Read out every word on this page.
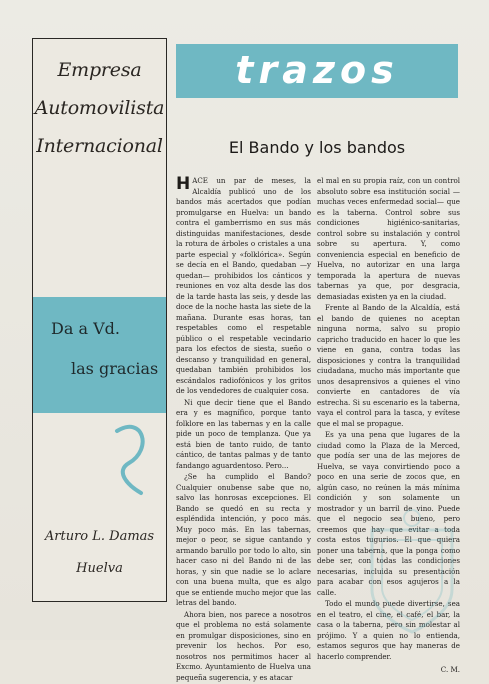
Empresa
Automovilista
Internacional
Da a Vd.
las gracias
Arturo L. Damas
Huelva
trazos
El Bando y los bandos

HACE un par de meses, la Alcaldía publicó uno de los bandos más acertados que podían promulgarse en Huelva: un bando contra el gamberrismo en sus más distinguidas manifestaciones, desde la rotura de árboles o cristales a una parte especial y «folklórica». Según se decía en el Bando, quedaban —y quedan— prohibidos los cánticos y reuniones en voz alta desde las dos de la tarde hasta las seis, y desde las doce de la noche hasta las siete de la mañana. Durante esas horas, tan respetables como el respetable público o el respetable vecindario para los efectos de siesta, sueño o descanso y tranquilidad en general, quedaban también prohibidos los escándalos radiofónicos y los gritos de los vendedores de cualquier cosa.

Ni que decir tiene que el Bando era y es magnífico, porque tanto folklore en las tabernas y en la calle pide un poco de templanza. Que ya está bien de tanto ruido, de tanto cántico, de tantas palmas y de tanto fandango aguardentoso. Pero...

¿Se ha cumplido el Bando? Cualquier onubense sabe que no, salvo las honrosas excepciones. El Bando se quedó en su recta y espléndida intención, y poco más. Muy poco más. En las tabernas, mejor o peor, se sigue cantando y armando barullo por todo lo alto, sin hacer caso ni del Bando ni de las horas, y sin que nadie se lo aclare con una buena multa, que es algo que se entiende mucho mejor que las letras del bando.

Ahora bien, nos parece a nosotros que el problema no está solamente en promulgar disposiciones, sino en prevenir los hechos. Por eso, nosotros nos permitimos hacer al Excmo. Ayuntamiento de Huelva una pequeña sugerencia, y es atacar

el mal en su propia raíz, con un control absoluto sobre esa institución social —muchas veces enfermedad social— que es la taberna. Control sobre sus condiciones higiénico-sanitarias, control sobre su instalación y control sobre su apertura. Y, como conveniencia especial en beneficio de Huelva, no autorizar en una larga temporada la apertura de nuevas tabernas ya que, por desgracia, demasiadas existen ya en la ciudad.

Frente al Bando de la Alcaldía, está el bando de quienes no aceptan ninguna norma, salvo su propio capricho traducido en hacer lo que les viene en gana, contra todas las disposiciones y contra la tranquilidad ciudadana, mucho más importante que unos desaprensivos a quienes el vino convierte en cantadores de vía estrecha. Si su escenario es la taberna, vaya el control para la tasca, y evítese que el mal se propague.

Es ya una pena que lugares de la ciudad como la Plaza de la Merced, que podía ser una de las mejores de Huelva, se vaya convirtiendo poco a poco en una serie de zocos que, en algún caso, no reúnen la más mínima condición y son solamente un mostrador y un barril de vino. Puede que el negocio sea bueno, pero creemos que hay que evitar a toda costa estos tugurios. El que quiera poner una taberna, que la ponga como debe ser, con todas las condiciones necesarias, incluida su presentación para acabar con esos agujeros a la calle.

Todo el mundo puede divertirse, sea en el teatro, el cine, el café, el bar, la casa o la taberna, pero sin molestar al prójimo. Y a quien no lo entienda, estamos seguros que hay maneras de hacerlo comprender.

C. M.
